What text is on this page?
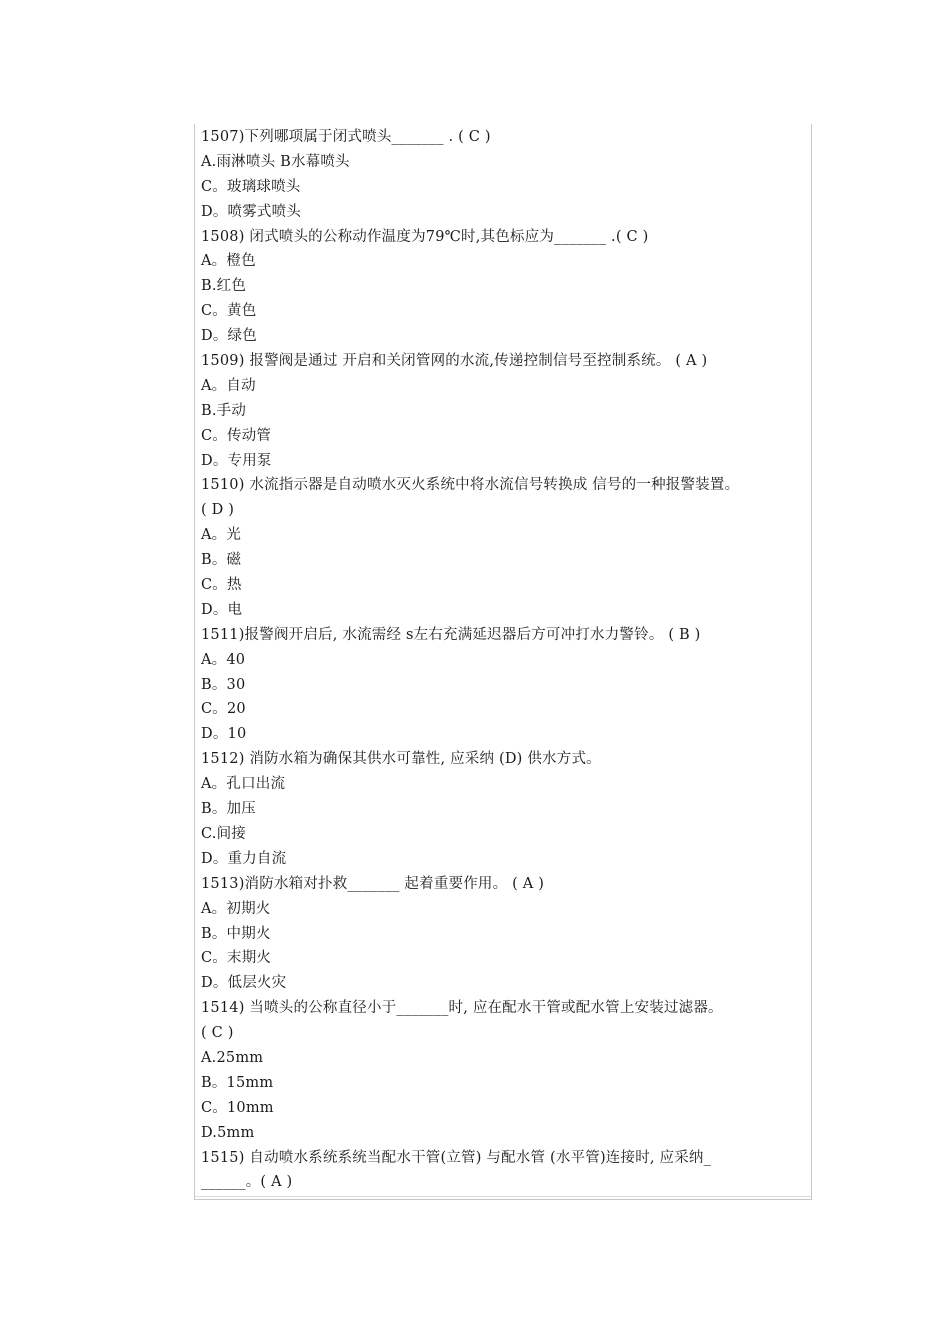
1507)下列哪项属于闭式喷头_______ . ( C )
A.雨淋喷头 B水幕喷头
C。玻璃球喷头
D。喷雾式喷头
1508) 闭式喷头的公称动作温度为79℃时,其色标应为_______ .( C )
A。橙色
B.红色
C。黄色
D。绿色
1509) 报警阀是通过 开启和关闭管网的水流,传递控制信号至控制系统。 ( A )
A。自动
B.手动
C。传动管
D。专用泵
1510) 水流指示器是自动喷水灭火系统中将水流信号转换成 信号的一种报警装置。
( D )
A。光
B。磁
C。热
D。电
1511)报警阀开启后, 水流需经 s左右充满延迟器后方可冲打水力警铃。 ( B )
A。40
B。30
C。20
D。10
1512) 消防水箱为确保其供水可靠性, 应采纳 (D) 供水方式。
A。孔口出流
B。加压
C.间接
D。重力自流
1513)消防水箱对扑救_______ 起着重要作用。 ( A )
A。初期火
B。中期火
C。末期火
D。低层火灾
1514) 当喷头的公称直径小于_______时, 应在配水干管或配水管上安装过滤器。
( C )
A.25mm
B。15mm
C。10mm
D.5mm
1515) 自动喷水系统系统当配水干管(立管) 与配水管 (水平管)连接时, 应采纳_
______。( A )
